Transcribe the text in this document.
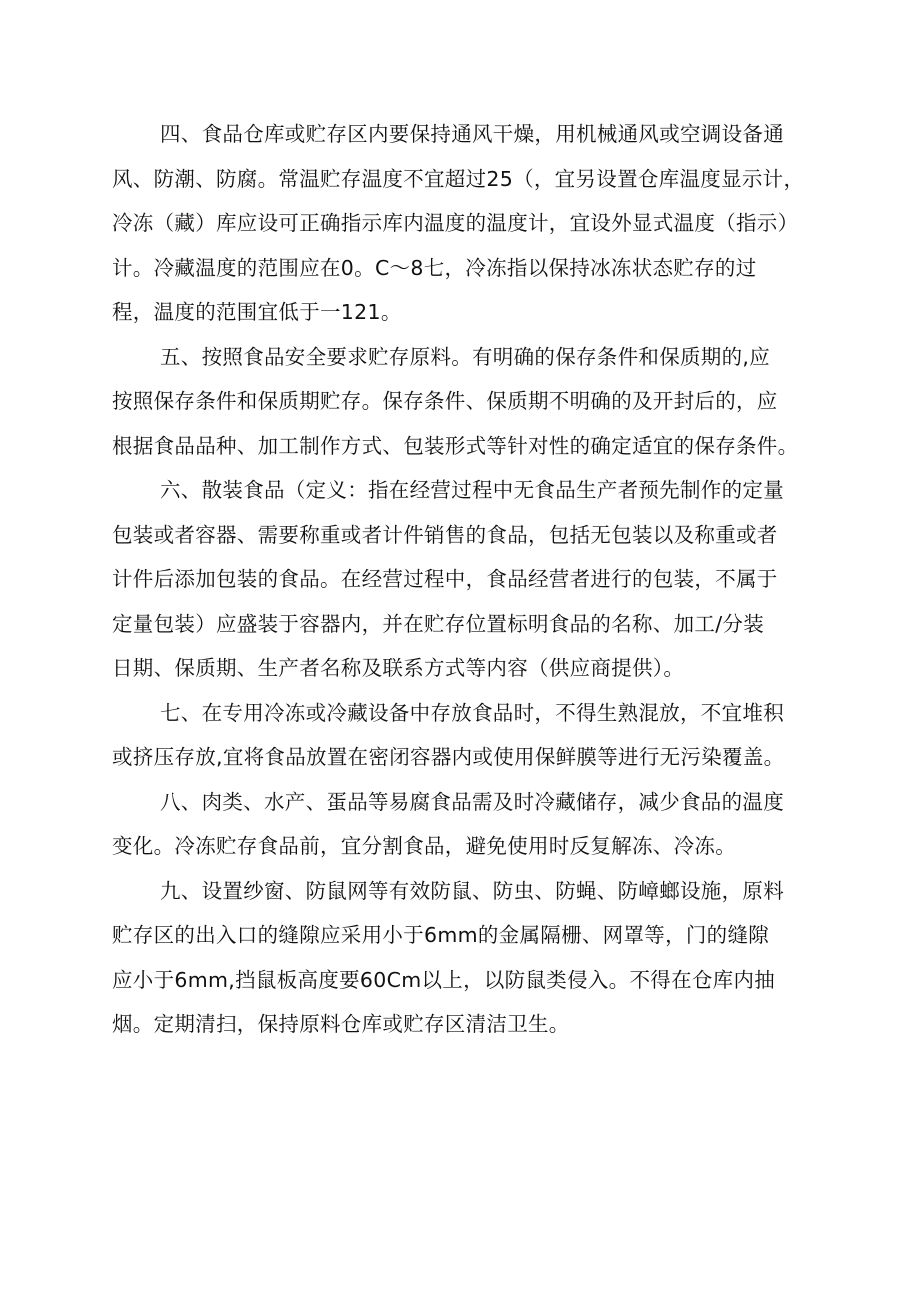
四、食品仓库或贮存区内要保持通风干燥，用机械通风或空调设备通
风、防潮、防腐。常温贮存温度不宜超过25（，宜另设置仓库温度显示计，
冷冻（藏）库应设可正确指示库内温度的温度计，宜设外显式温度（指示）
计。冷藏温度的范围应在0。C～8七，冷冻指以保持冰冻状态贮存的过
程，温度的范围宜低于一121。
五、按照食品安全要求贮存原料。有明确的保存条件和保质期的,应
按照保存条件和保质期贮存。保存条件、保质期不明确的及开封后的，应
根据食品品种、加工制作方式、包装形式等针对性的确定适宜的保存条件。
六、散装食品（定义：指在经营过程中无食品生产者预先制作的定量
包装或者容器、需要称重或者计件销售的食品，包括无包装以及称重或者
计件后添加包装的食品。在经营过程中，食品经营者进行的包装，不属于
定量包装）应盛装于容器内，并在贮存位置标明食品的名称、加工/分装
日期、保质期、生产者名称及联系方式等内容（供应商提供）。
七、在专用冷冻或冷藏设备中存放食品时，不得生熟混放，不宜堆积
或挤压存放,宜将食品放置在密闭容器内或使用保鲜膜等进行无污染覆盖。
八、肉类、水产、蛋品等易腐食品需及时冷藏储存，减少食品的温度
变化。冷冻贮存食品前，宜分割食品，避免使用时反复解冻、冷冻。
九、设置纱窗、防鼠网等有效防鼠、防虫、防蝇、防嶂螂设施，原料
贮存区的出入口的缝隙应采用小于6mm的金属隔栅、网罩等，门的缝隙
应小于6mm,挡鼠板高度要60Cm以上，以防鼠类侵入。不得在仓库内抽
烟。定期清扫，保持原料仓库或贮存区清洁卫生。
